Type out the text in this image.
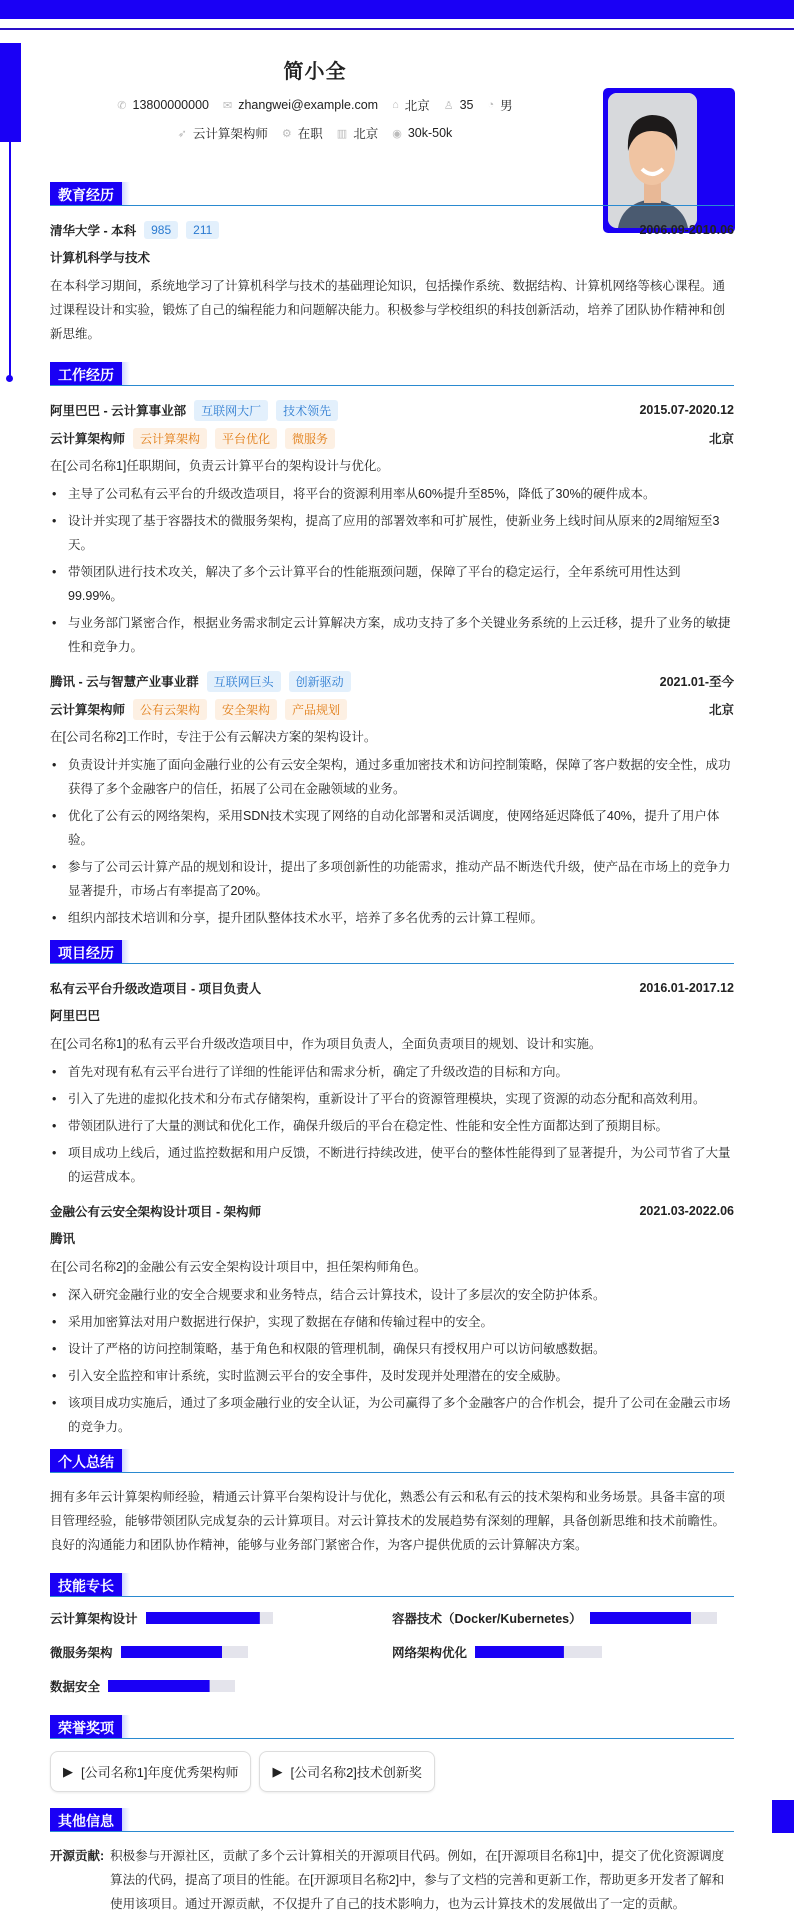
简小全
✆ 13800000000 ✉ zhangwei@example.com ⌂ 北京 ♙ 35 ◔ 男
➶ 云计算架构师 ⚙ 在职 ▥ 北京 ◉ 30k-50k
教育经历
清华大学 - 本科	985	211	2006.09-2010.06

计算机科学与技术

在本科学习期间，系统地学习了计算机科学与技术的基础理论知识，包括操作系统、数据结构、计算机网络等核心课程。通过课程设计和实验，锻炼了自己的编程能力和问题解决能力。积极参与学校组织的科技创新活动，培养了团队协作精神和创新思维。

工作经历
阿里巴巴 - 云计算事业部	互联网大厂	技术领先	2015.07-2020.12
云计算架构师	云计算架构	平台优化	微服务	北京

在[公司名称1]任职期间，负责云计算平台的架构设计与优化。

• 主导了公司私有云平台的升级改造项目，将平台的资源利用率从60%提升至85%，降低了30%的硬件成本。
• 设计并实现了基于容器技术的微服务架构，提高了应用的部署效率和可扩展性，使新业务上线时间从原来的2周缩短至3天。
• 带领团队进行技术攻关，解决了多个云计算平台的性能瓶颈问题，保障了平台的稳定运行，全年系统可用性达到99.99%。
• 与业务部门紧密合作，根据业务需求制定云计算解决方案，成功支持了多个关键业务系统的上云迁移，提升了业务的敏捷性和竞争力。
腾讯 - 云与智慧产业事业群	互联网巨头	创新驱动	2021.01-至今
云计算架构师	公有云架构	安全架构	产品规划	北京

在[公司名称2]工作时，专注于公有云解决方案的架构设计。

• 负责设计并实施了面向金融行业的公有云安全架构，通过多重加密技术和访问控制策略，保障了客户数据的安全性，成功获得了多个金融客户的信任，拓展了公司在金融领域的业务。
• 优化了公有云的网络架构，采用SDN技术实现了网络的自动化部署和灵活调度，使网络延迟降低了40%，提升了用户体验。
• 参与了公司云计算产品的规划和设计，提出了多项创新性的功能需求，推动产品不断迭代升级，使产品在市场上的竞争力显著提升，市场占有率提高了20%。
• 组织内部技术培训和分享，提升团队整体技术水平，培养了多名优秀的云计算工程师。
项目经历
私有云平台升级改造项目 - 项目负责人	2016.01-2017.12

阿里巴巴

在[公司名称1]的私有云平台升级改造项目中，作为项目负责人，全面负责项目的规划、设计和实施。

• 首先对现有私有云平台进行了详细的性能评估和需求分析，确定了升级改造的目标和方向。
• 引入了先进的虚拟化技术和分布式存储架构，重新设计了平台的资源管理模块，实现了资源的动态分配和高效利用。
• 带领团队进行了大量的测试和优化工作，确保升级后的平台在稳定性、性能和安全性方面都达到了预期目标。
• 项目成功上线后，通过监控数据和用户反馈，不断进行持续改进，使平台的整体性能得到了显著提升，为公司节省了大量的运营成本。
金融公有云安全架构设计项目 - 架构师	2021.03-2022.06

腾讯

在[公司名称2]的金融公有云安全架构设计项目中，担任架构师角色。

• 深入研究金融行业的安全合规要求和业务特点，结合云计算技术，设计了多层次的安全防护体系。
• 采用加密算法对用户数据进行保护，实现了数据在存储和传输过程中的安全。
• 设计了严格的访问控制策略，基于角色和权限的管理机制，确保只有授权用户可以访问敏感数据。
• 引入安全监控和审计系统，实时监测云平台的安全事件，及时发现并处理潜在的安全威胁。
• 该项目成功实施后，通过了多项金融行业的安全认证，为公司赢得了多个金融客户的合作机会，提升了公司在金融云市场的竞争力。
个人总结

拥有多年云计算架构师经验，精通云计算平台架构设计与优化，熟悉公有云和私有云的技术架构和业务场景。具备丰富的项目管理经验，能够带领团队完成复杂的云计算项目。对云计算技术的发展趋势有深刻的理解，具备创新思维和技术前瞻性。良好的沟通能力和团队协作精神，能够与业务部门紧密合作，为客户提供优质的云计算解决方案。

技能专长
云计算架构设计	容器技术（Docker/Kubernetes）
微服务架构	网络架构优化
数据安全
荣誉奖项
▶ [公司名称1]年度优秀架构师	▶ [公司名称2]技术创新奖
其他信息
开源贡献: 积极参与开源社区，贡献了多个云计算相关的开源项目代码。例如，在[开源项目名称1]中，提交了优化资源调度算法的代码，提高了项目的性能。在[开源项目名称2]中，参与了文档的完善和更新工作，帮助更多开发者了解和使用该项目。通过开源贡献，不仅提升了自己的技术影响力，也为云计算技术的发展做出了一定的贡献。
